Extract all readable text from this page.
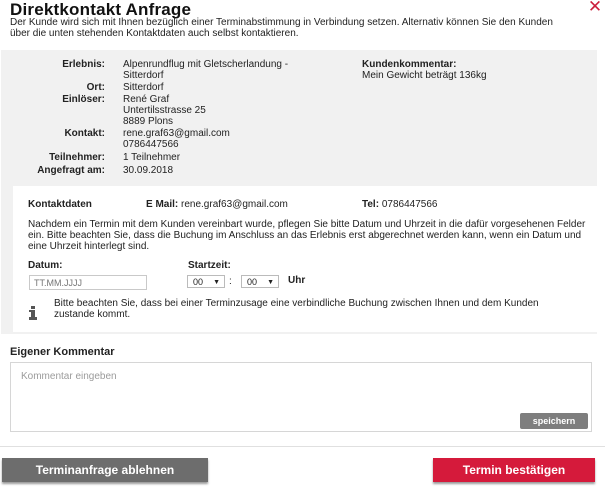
Direktkontakt Anfrage	✕
Der Kunde wird sich mit Ihnen bezüglich einer Terminabstimmung in Verbindung setzen. Alternativ können Sie den Kunden über die unten stehenden Kontaktdaten auch selbst kontaktieren.
Erlebnis: Alpenrundflug mit Gletscherlandung -
Sitterdorf
Ort: Sitterdorf
Einlöser: René Graf
Untertilsstrasse 25
8889 Plons
Kontakt: rene.graf63@gmail.com
0786447566
Teilnehmer: 1 Teilnehmer
Angefragt am: 30.09.2018
Kundenkommentar:
Mein Gewicht beträgt 136kg
Kontaktdaten	E Mail: rene.graf63@gmail.com	Tel: 0786447566
Nachdem ein Termin mit dem Kunden vereinbart wurde, pflegen Sie bitte Datum und Uhrzeit in die dafür vorgesehenen Felder ein. Bitte beachten Sie, dass die Buchung im Anschluss an das Erlebnis erst abgerechnet werden kann, wenn ein Datum und eine Uhrzeit hinterlegt sind.
Datum:	Startzeit:
Bitte beachten Sie, dass bei einer Terminzusage eine verbindliche Buchung zwischen Ihnen und dem Kunden zustande kommt.
TT.MM.JJJJ
00 ▼ :	00 ▼ Uhr
Eigener Kommentar
Kommentar eingeben
speichern
Terminanfrage ablehnen	Termin bestätigen
